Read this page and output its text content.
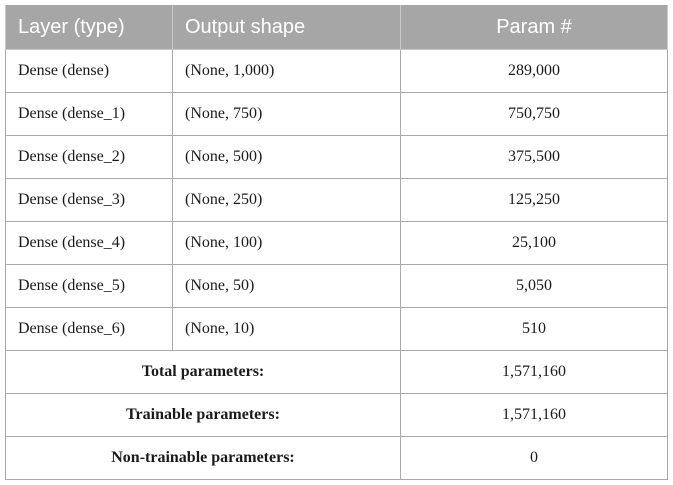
Layer (type)	Output shape	Param #
Dense (dense)	(None, 1,000)	289,000
Dense (dense_1)	(None, 750)	750,750
Dense (dense_2)	(None, 500)	375,500
Dense (dense_3)	(None, 250)	125,250
Dense (dense_4)	(None, 100)	25,100
Dense (dense_5)	(None, 50)	5,050
Dense (dense_6)	(None, 10)	510
Total parameters:		1,571,160
Trainable parameters:		1,571,160
Non-trainable parameters:		0
